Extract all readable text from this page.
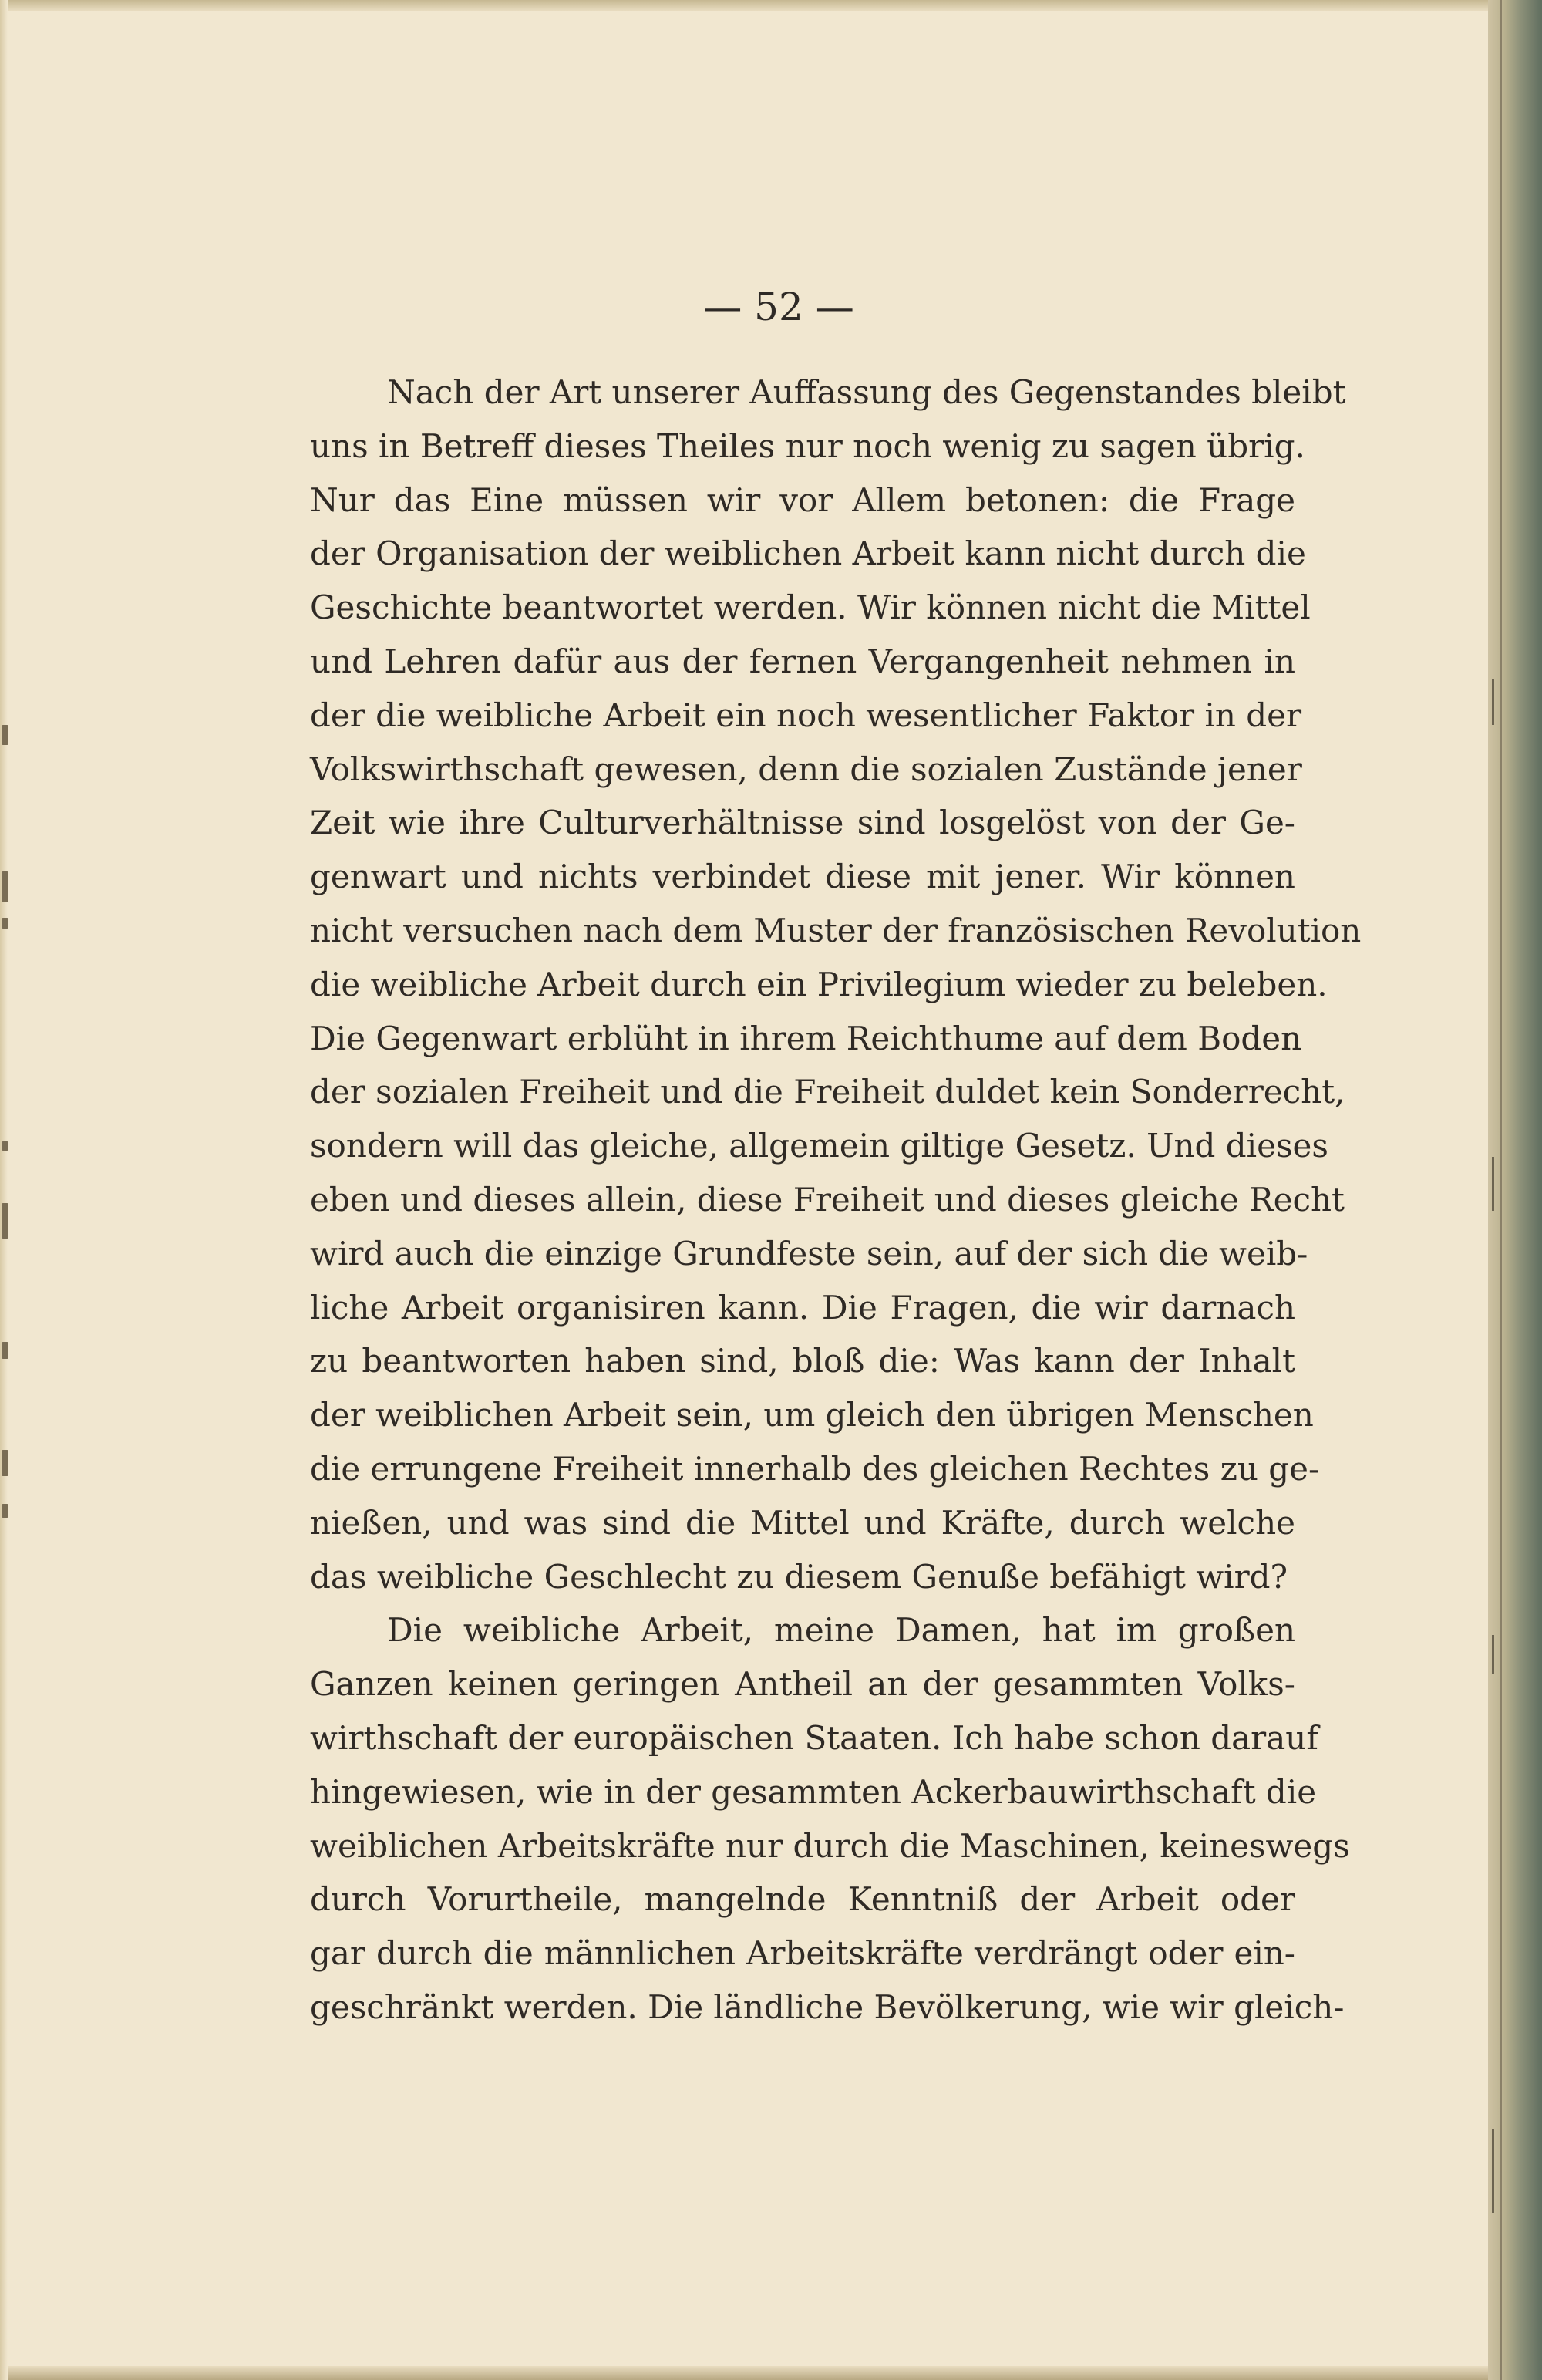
— 52 —
Nach der Art unserer Auffassung des Gegenstandes bleibt
uns in Betreff dieses Theiles nur noch wenig zu sagen übrig.
Nur das Eine müssen wir vor Allem betonen: die Frage
der Organisation der weiblichen Arbeit kann nicht durch die
Geschichte beantwortet werden. Wir können nicht die Mittel
und Lehren dafür aus der fernen Vergangenheit nehmen in
der die weibliche Arbeit ein noch wesentlicher Faktor in der
Volkswirthschaft gewesen, denn die sozialen Zustände jener
Zeit wie ihre Culturverhältnisse sind losgelöst von der Ge-
genwart und nichts verbindet diese mit jener. Wir können
nicht versuchen nach dem Muster der französischen Revolution
die weibliche Arbeit durch ein Privilegium wieder zu beleben.
Die Gegenwart erblüht in ihrem Reichthume auf dem Boden
der sozialen Freiheit und die Freiheit duldet kein Sonderrecht,
sondern will das gleiche, allgemein giltige Gesetz. Und dieses
eben und dieses allein, diese Freiheit und dieses gleiche Recht
wird auch die einzige Grundfeste sein, auf der sich die weib-
liche Arbeit organisiren kann. Die Fragen, die wir darnach
zu beantworten haben sind, bloß die: Was kann der Inhalt
der weiblichen Arbeit sein, um gleich den übrigen Menschen
die errungene Freiheit innerhalb des gleichen Rechtes zu ge-
nießen, und was sind die Mittel und Kräfte, durch welche
das weibliche Geschlecht zu diesem Genuße befähigt wird?
Die weibliche Arbeit, meine Damen, hat im großen
Ganzen keinen geringen Antheil an der gesammten Volks-
wirthschaft der europäischen Staaten. Ich habe schon darauf
hingewiesen, wie in der gesammten Ackerbauwirthschaft die
weiblichen Arbeitskräfte nur durch die Maschinen, keineswegs
durch Vorurtheile, mangelnde Kenntniß der Arbeit oder
gar durch die männlichen Arbeitskräfte verdrängt oder ein-
geschränkt werden. Die ländliche Bevölkerung, wie wir gleich-
